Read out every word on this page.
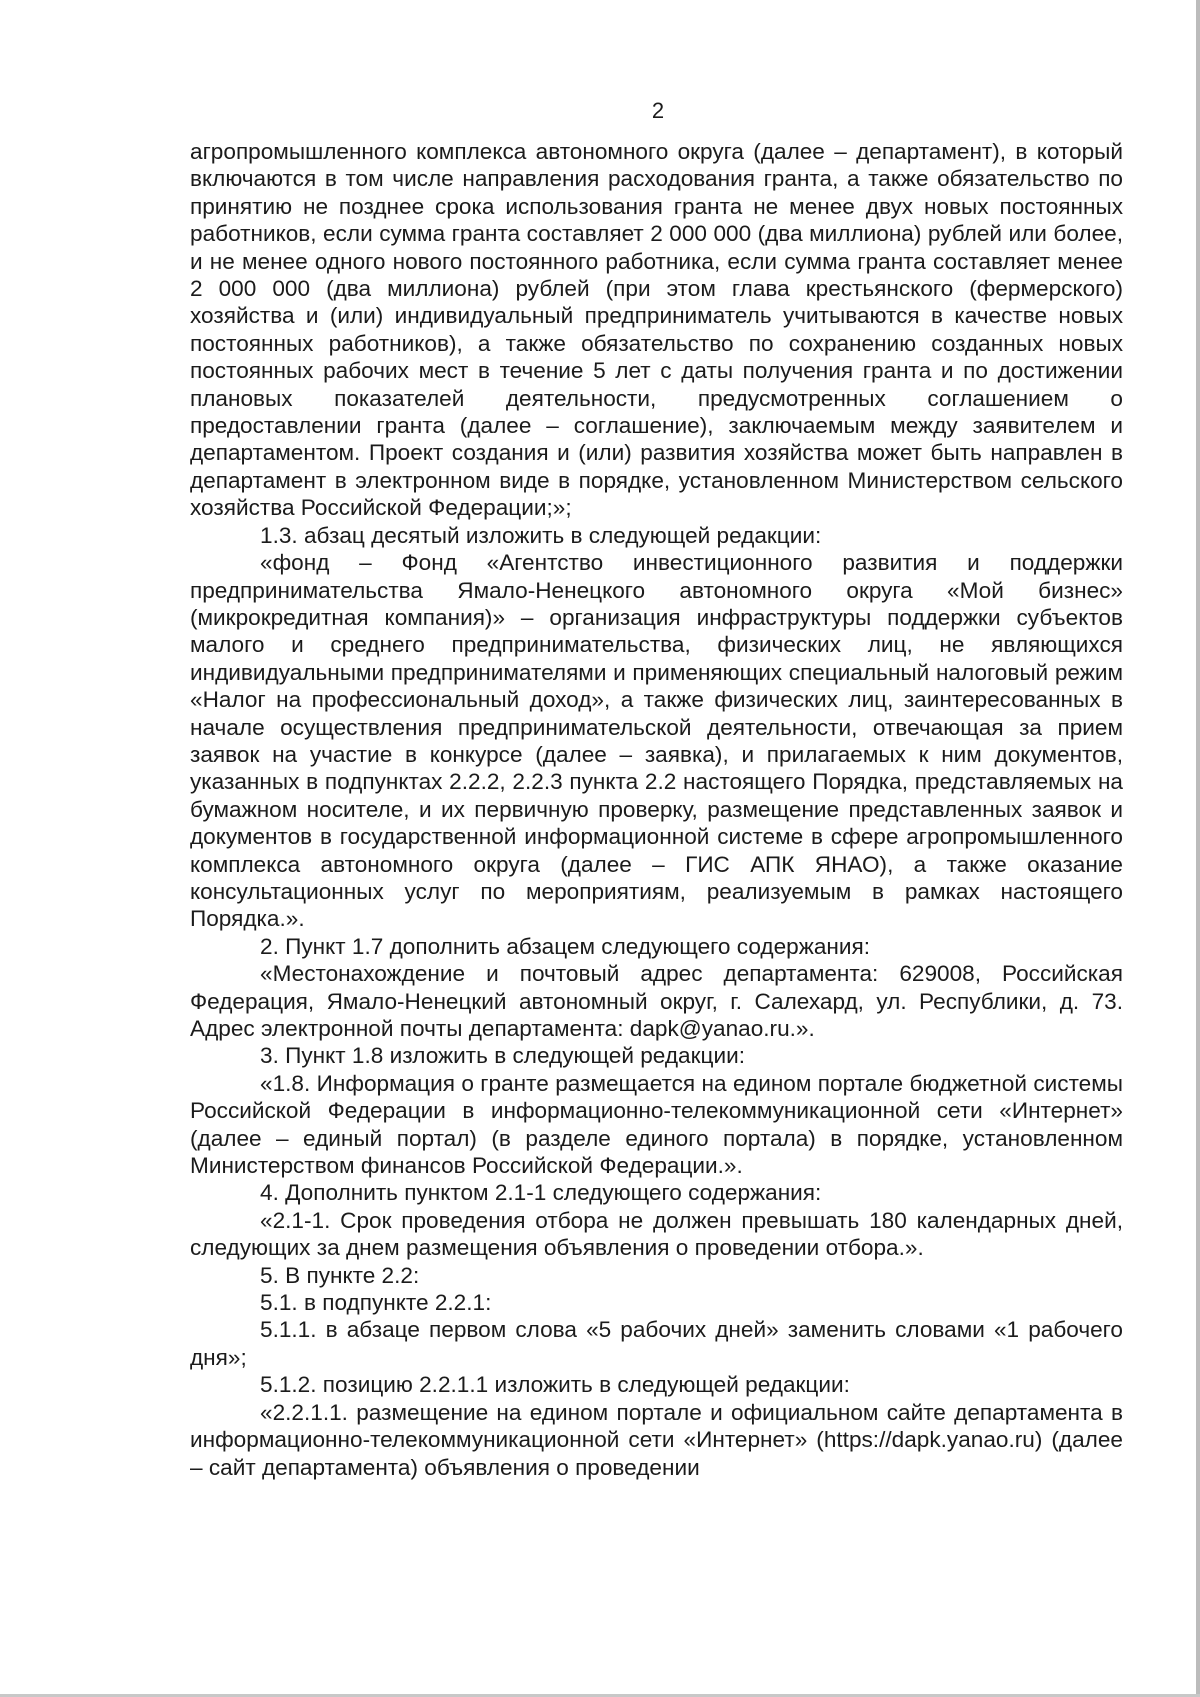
2

агропромышленного комплекса автономного округа (далее – департамент), в который включаются в том числе направления расходования гранта, а также обязательство по принятию не позднее срока использования гранта не менее двух новых постоянных работников, если сумма гранта составляет 2 000 000 (два миллиона) рублей или более, и не менее одного нового постоянного работника, если сумма гранта составляет менее 2 000 000 (два миллиона) рублей (при этом глава крестьянского (фермерского) хозяйства и (или) индивидуальный предприниматель учитываются в качестве новых постоянных работников), а также обязательство по сохранению созданных новых постоянных рабочих мест в течение 5 лет с даты получения гранта и по достижении плановых показателей деятельности, предусмотренных соглашением о предоставлении гранта (далее – соглашение), заключаемым между заявителем и департаментом. Проект создания и (или) развития хозяйства может быть направлен в департамент в электронном виде в порядке, установленном Министерством сельского хозяйства Российской Федерации;»;

1.3. абзац десятый изложить в следующей редакции:

«фонд – Фонд «Агентство инвестиционного развития и поддержки предпринимательства Ямало-Ненецкого автономного округа «Мой бизнес» (микрокредитная компания)» – организация инфраструктуры поддержки субъектов малого и среднего предпринимательства, физических лиц, не являющихся индивидуальными предпринимателями и применяющих специальный налоговый режим «Налог на профессиональный доход», а также физических лиц, заинтересованных в начале осуществления предпринимательской деятельности, отвечающая за прием заявок на участие в конкурсе (далее – заявка), и прилагаемых к ним документов, указанных в подпунктах 2.2.2, 2.2.3 пункта 2.2 настоящего Порядка, представляемых на бумажном носителе, и их первичную проверку, размещение представленных заявок и документов в государственной информационной системе в сфере агропромышленного комплекса автономного округа (далее – ГИС АПК ЯНАО), а также оказание консультационных услуг по мероприятиям, реализуемым в рамках настоящего Порядка.».

2. Пункт 1.7 дополнить абзацем следующего содержания:

«Местонахождение и почтовый адрес департамента: 629008, Российская Федерация, Ямало-Ненецкий автономный округ, г. Салехард, ул. Республики, д. 73. Адрес электронной почты департамента: dapk@yanao.ru.».

3. Пункт 1.8 изложить в следующей редакции:

«1.8. Информация о гранте размещается на едином портале бюджетной системы Российской Федерации в информационно-телекоммуникационной сети «Интернет» (далее – единый портал) (в разделе единого портала) в порядке, установленном Министерством финансов Российской Федерации.».

4. Дополнить пунктом 2.1-1 следующего содержания:

«2.1-1. Срок проведения отбора не должен превышать 180 календарных дней, следующих за днем размещения объявления о проведении отбора.».

5. В пункте 2.2:

5.1. в подпункте 2.2.1:

5.1.1. в абзаце первом слова «5 рабочих дней» заменить словами «1 рабочего дня»;

5.1.2. позицию 2.2.1.1 изложить в следующей редакции:

«2.2.1.1. размещение на едином портале и официальном сайте департамента в информационно-телекоммуникационной сети «Интернет» (https://dapk.yanao.ru) (далее – сайт департамента) объявления о проведении
